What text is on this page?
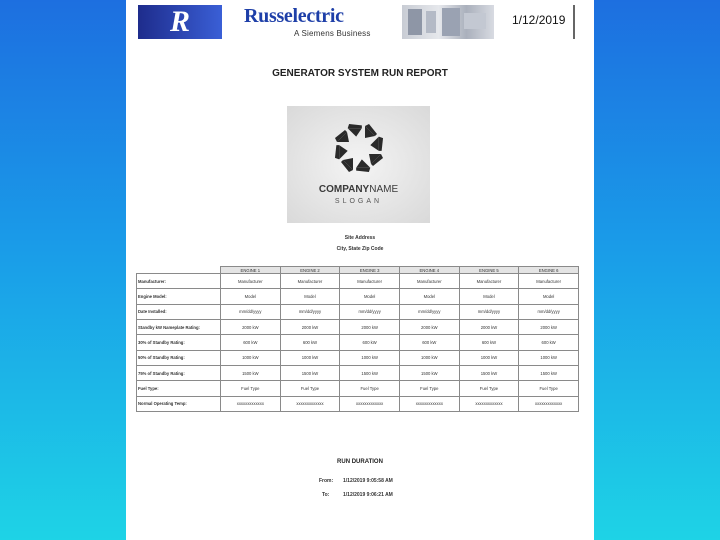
R	Russelectric
A Siemens Business
1/12/2019
GENERATOR SYSTEM RUN REPORT
COMPANYNAME
SLOGAN
Site Address
City, State Zip Code
	ENGINE 1	ENGINE 2	ENGINE 3	ENGINE 4	ENGINE 5	ENGINE 6
Manufacturer:	Manufacturer	Manufacturer	Manufacturer	Manufacturer	Manufacturer	Manufacturer
Engine Model:	Model	Model	Model	Model	Model	Model
Date Installed:	mm/dd/yyyy	mm/dd/yyyy	mm/dd/yyyy	mm/dd/yyyy	mm/dd/yyyy	mm/dd/yyyy
Standby kW Nameplate Rating:	2000 kW	2000 kW	2000 kW	2000 kW	2000 kW	2000 kW
30% of Standby Rating:	600 kW	600 kW	600 kW	600 kW	600 kW	600 kW
50% of Standby Rating:	1000 kW	1000 kW	1000 kW	1000 kW	1000 kW	1000 kW
75% of Standby Rating:	1500 kW	1500 kW	1500 kW	1500 kW	1500 kW	1500 kW
Fuel Type:	Fuel Type	Fuel Type	Fuel Type	Fuel Type	Fuel Type	Fuel Type
Normal Operating Temp:	xxxxxxxxxxxxx	xxxxxxxxxxxxx	xxxxxxxxxxxxx	xxxxxxxxxxxxx	xxxxxxxxxxxxx	xxxxxxxxxxxxx
RUN DURATION
From: 1/12/2019 9:05:58 AM
To:	1/12/2019 9:06:21 AM
